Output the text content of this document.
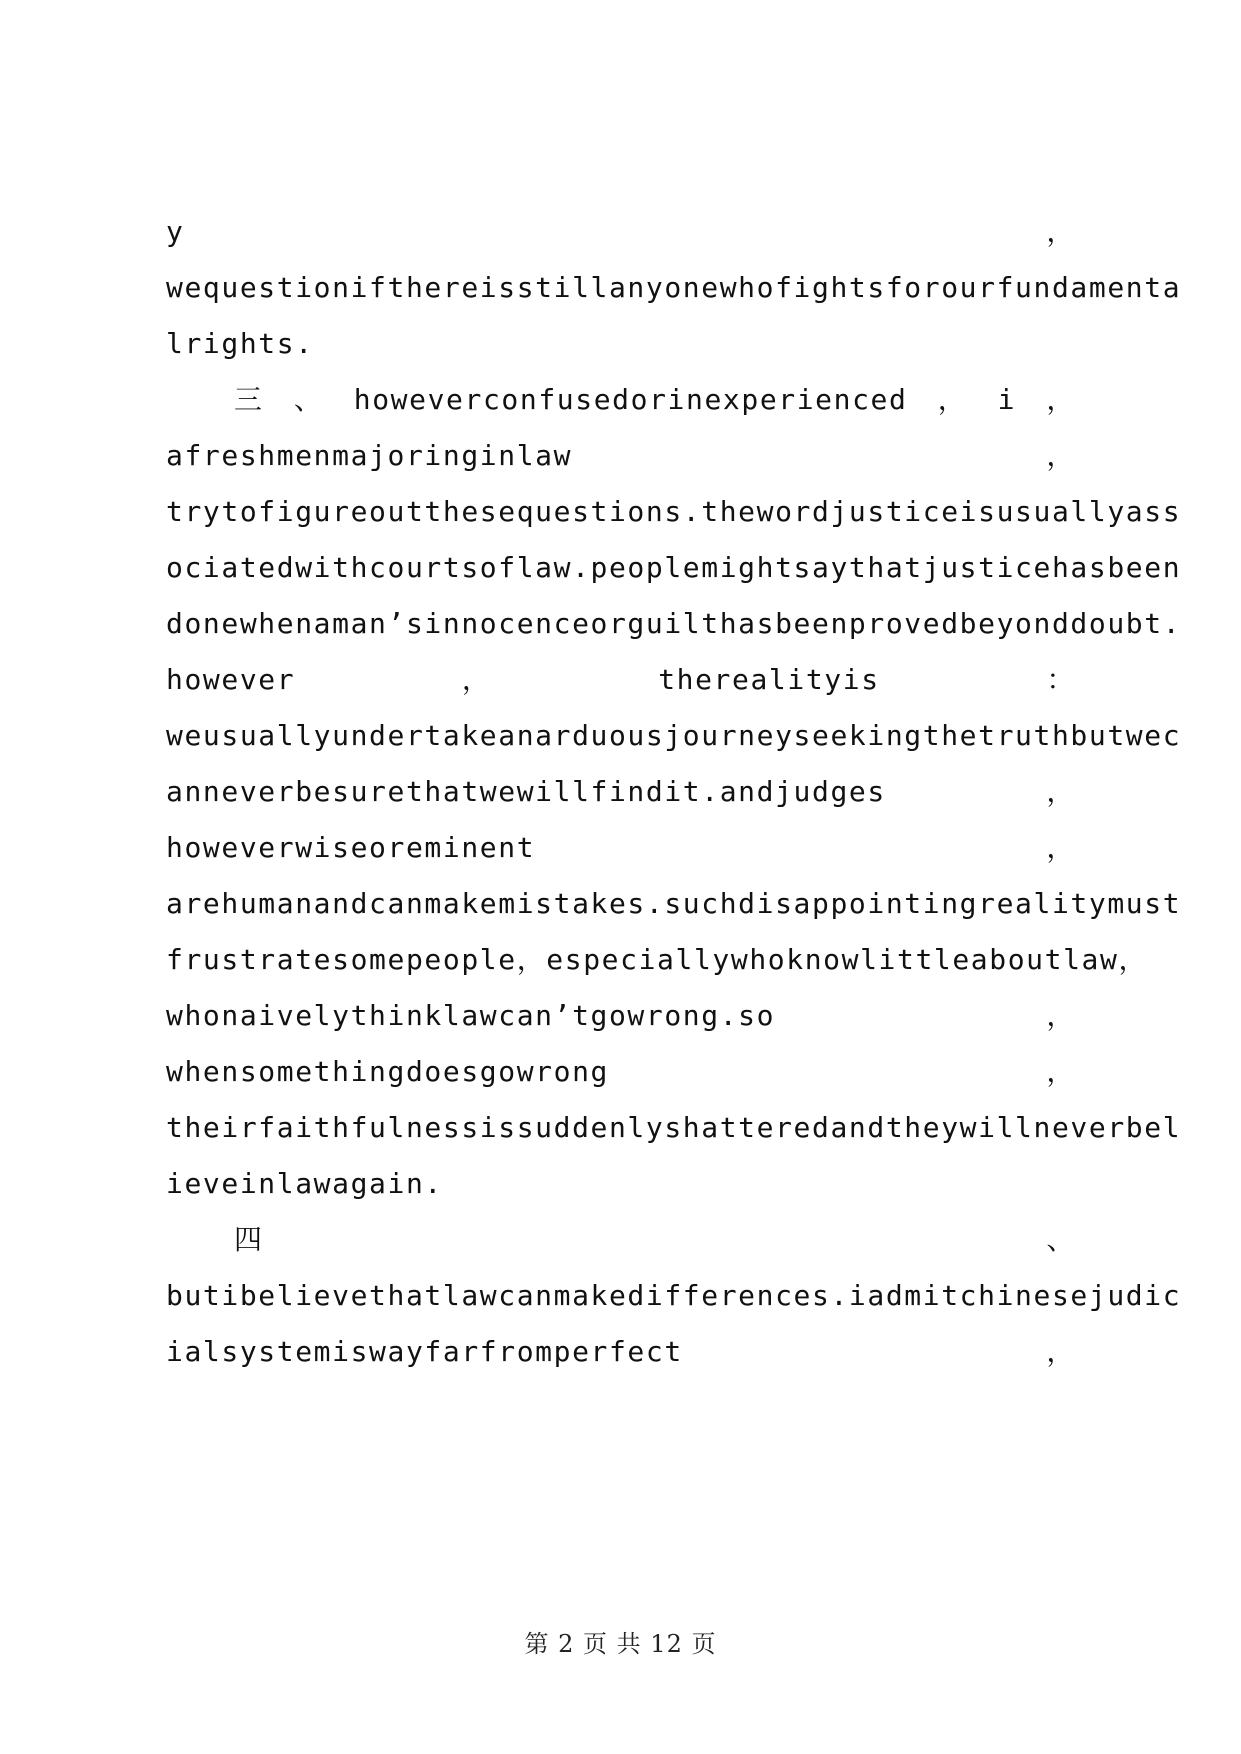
y	，
wequestionifthereisstillanyonewhofightsforourfundamenta
lrights.
三 、 howeverconfusedorinexperienced ， i ，
afreshmenmajoringinlaw	，
trytofigureoutthesequestions.thewordjusticeisusuallyass
ociatedwithcourtsoflaw.peoplemightsaythatjusticehasbeen
donewhenaman’sinnocenceorguilthasbeenprovedbeyonddoubt.
however	，	therealityis	：
weusuallyundertakeanarduousjourneyseekingthetruthbutwec
anneverbesurethatwewillfindit.andjudges	，
howeverwiseoreminent	，
arehumanandcanmakemistakes.suchdisappointingrealitymust
frustratesomepeople，especiallywhoknowlittleaboutlaw，
whonaivelythinklawcan’tgowrong.so	，
whensomethingdoesgowrong	，
theirfaithfulnessissuddenlyshatteredandtheywillneverbel
ieveinlawagain.
四	、
butibelievethatlawcanmakedifferences.iadmitchinesejudic
ialsystemiswayfarfromperfect	，
第 2 页 共 12 页
